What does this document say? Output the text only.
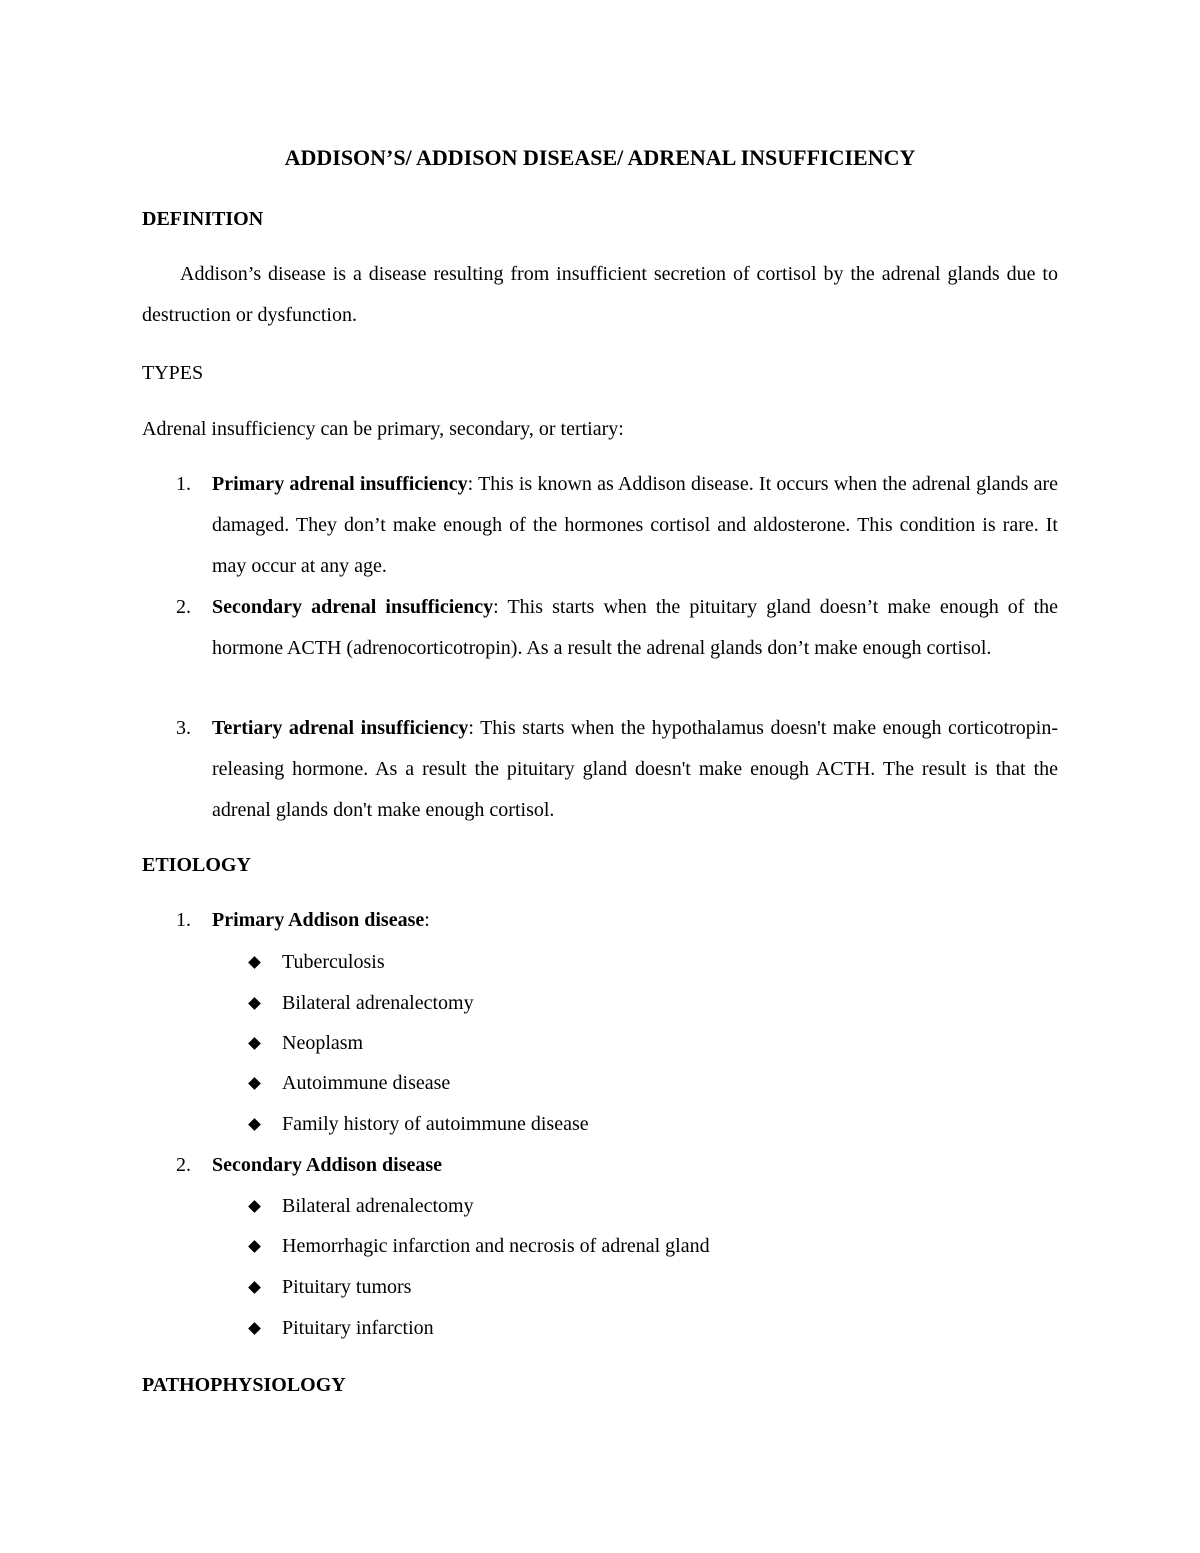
ADDISON’S/ ADDISON DISEASE/ ADRENAL INSUFFICIENCY
DEFINITION

Addison’s disease is a disease resulting from insufficient secretion of cortisol by the adrenal glands due to destruction or dysfunction.

TYPES

Adrenal insufficiency can be primary, secondary, or tertiary:

1. Primary adrenal insufficiency: This is known as Addison disease. It occurs when the adrenal glands are damaged. They don’t make enough of the hormones cortisol and aldosterone. This condition is rare. It may occur at any age.
2. Secondary adrenal insufficiency: This starts when the pituitary gland doesn’t make enough of the hormone ACTH (adrenocorticotropin). As a result the adrenal glands don’t make enough cortisol.
3. Tertiary adrenal insufficiency: This starts when the hypothalamus doesn't make enough corticotropin-releasing hormone. As a result the pituitary gland doesn't make enough ACTH. The result is that the adrenal glands don't make enough cortisol.
ETIOLOGY
1. Primary Addison disease:
Tuberculosis
Bilateral adrenalectomy
Neoplasm
Autoimmune disease
Family history of autoimmune disease
2. Secondary Addison disease
Bilateral adrenalectomy
Hemorrhagic infarction and necrosis of adrenal gland
Pituitary tumors
Pituitary infarction
PATHOPHYSIOLOGY
